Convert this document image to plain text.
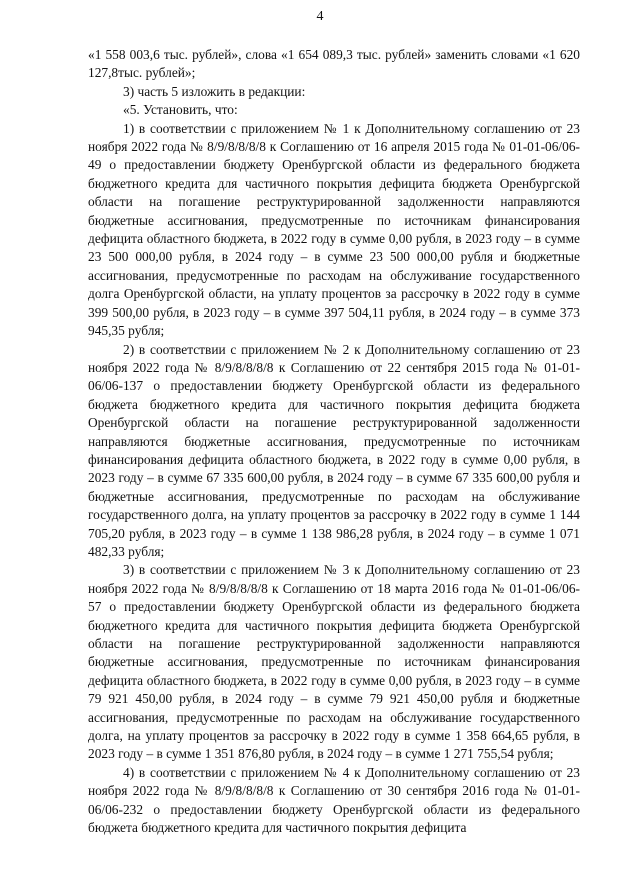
4

«1 558 003,6 тыс. рублей», слова «1 654 089,3 тыс. рублей» заменить словами «1 620 127,8тыс. рублей»;

3) часть 5 изложить в редакции:

«5. Установить, что:

1) в соответствии с приложением № 1 к Дополнительному соглашению от 23 ноября 2022 года № 8/9/8/8/8/8 к Соглашению от 16 апреля 2015 года № 01-01-06/06-49 о предоставлении бюджету Оренбургской области из федерального бюджета бюджетного кредита для частичного покрытия дефицита бюджета Оренбургской области на погашение реструктурированной задолженности направляются бюджетные ассигнования, предусмотренные по источникам финансирования дефицита областного бюджета, в 2022 году в сумме 0,00 рубля, в 2023 году – в сумме 23 500 000,00 рубля, в 2024 году – в сумме 23 500 000,00 рубля и бюджетные ассигнования, предусмотренные по расходам на обслуживание государственного долга Оренбургской области, на уплату процентов за рассрочку в 2022 году в сумме 399 500,00 рубля, в 2023 году – в сумме 397 504,11 рубля, в 2024 году – в сумме 373 945,35 рубля;

2) в соответствии с приложением № 2 к Дополнительному соглашению от 23 ноября 2022 года № 8/9/8/8/8/8 к Соглашению от 22 сентября 2015 года № 01-01-06/06-137 о предоставлении бюджету Оренбургской области из федерального бюджета бюджетного кредита для частичного покрытия дефицита бюджета Оренбургской области на погашение реструктурированной задолженности направляются бюджетные ассигнования, предусмотренные по источникам финансирования дефицита областного бюджета, в 2022 году в сумме 0,00 рубля, в 2023 году – в сумме 67 335 600,00 рубля, в 2024 году – в сумме 67 335 600,00 рубля и бюджетные ассигнования, предусмотренные по расходам на обслуживание государственного долга, на уплату процентов за рассрочку в 2022 году в сумме 1 144 705,20 рубля, в 2023 году – в сумме 1 138 986,28 рубля, в 2024 году – в сумме 1 071 482,33 рубля;

3) в соответствии с приложением № 3 к Дополнительному соглашению от 23 ноября 2022 года № 8/9/8/8/8/8 к Соглашению от 18 марта 2016 года № 01-01-06/06-57 о предоставлении бюджету Оренбургской области из федерального бюджета бюджетного кредита для частичного покрытия дефицита бюджета Оренбургской области на погашение реструктурированной задолженности направляются бюджетные ассигнования, предусмотренные по источникам финансирования дефицита областного бюджета, в 2022 году в сумме 0,00 рубля, в 2023 году – в сумме 79 921 450,00 рубля, в 2024 году – в сумме 79 921 450,00 рубля и бюджетные ассигнования, предусмотренные по расходам на обслуживание государственного долга, на уплату процентов за рассрочку в 2022 году в сумме 1 358 664,65 рубля, в 2023 году – в сумме 1 351 876,80 рубля, в 2024 году – в сумме 1 271 755,54 рубля;

4) в соответствии с приложением № 4 к Дополнительному соглашению от 23 ноября 2022 года № 8/9/8/8/8/8 к Соглашению от 30 сентября 2016 года № 01-01-06/06-232 о предоставлении бюджету Оренбургской области из федерального бюджета бюджетного кредита для частичного покрытия дефицита
